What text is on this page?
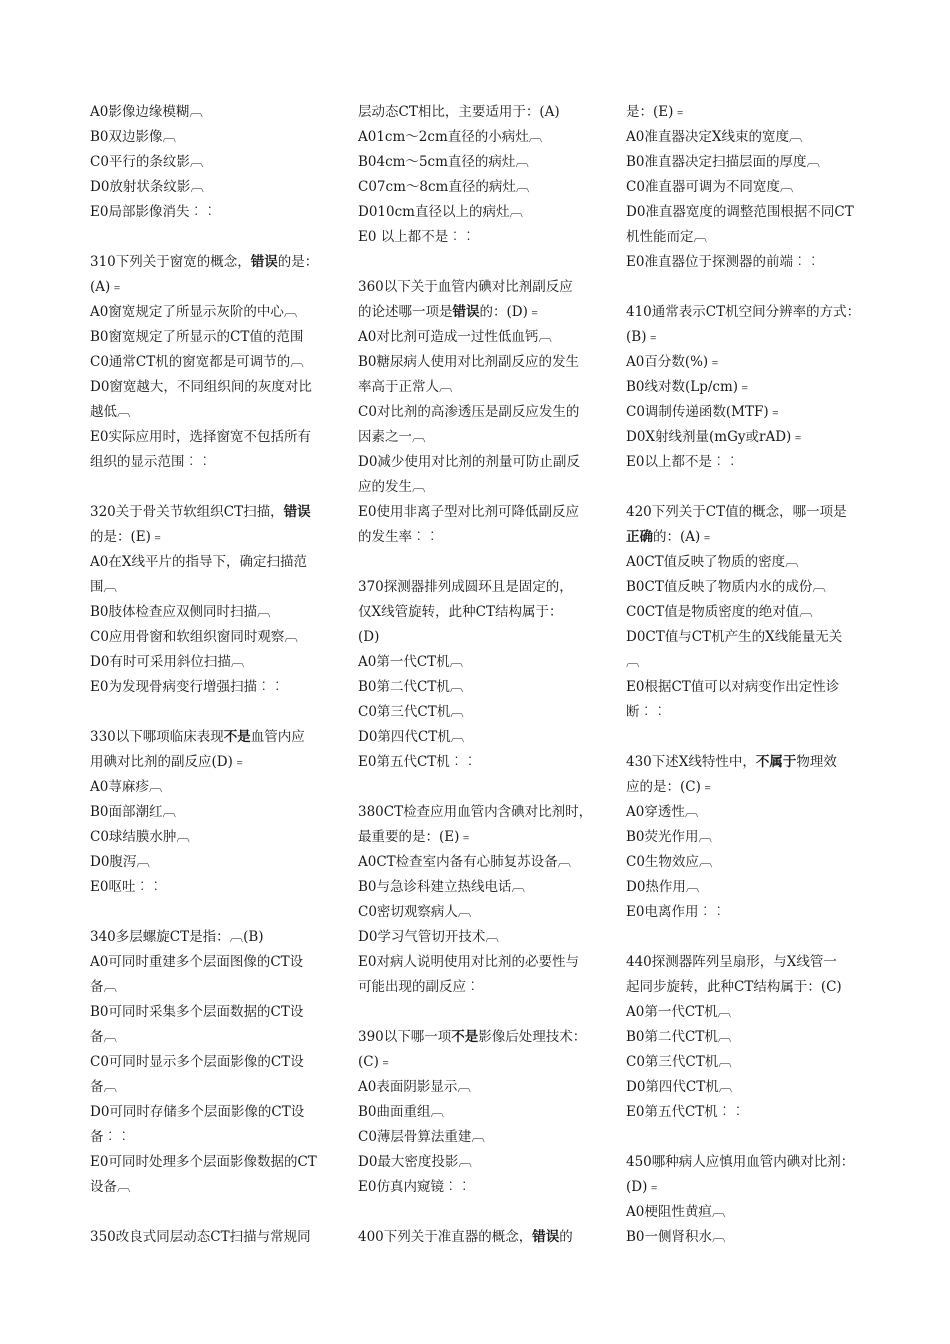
A0影像边缘模糊︹
B0双边影像︹
C0平行的条纹影︹
D0放射状条纹影︹
E0局部影像消失︰︰
310下列关于窗宽的概念，错误的是：
(A)﹦
A0窗宽规定了所显示灰阶的中心︹
B0窗宽规定了所显示的CT值的范围
C0通常CT机的窗宽都是可调节的︹
D0窗宽越大，不同组织间的灰度对比
越低︹
E0实际应用时，选择窗宽不包括所有
组织的显示范围︰︰
320关于骨关节软组织CT扫描，错误
的是：(E)﹦
A0在X线平片的指导下，确定扫描范
围︹
B0肢体检查应双侧同时扫描︹
C0应用骨窗和软组织窗同时观察︹
D0有时可采用斜位扫描︹
E0为发现骨病变行增强扫描︰︰
330以下哪项临床表现不是血管内应
用碘对比剂的副反应(D)﹦
A0荨麻疹︹
B0面部潮红︹
C0球结膜水肿︹
D0腹泻︹
E0呕吐︰︰
340多层螺旋CT是指：︹(B)
A0可同时重建多个层面图像的CT设
备︹
B0可同时采集多个层面数据的CT设
备︹
C0可同时显示多个层面影像的CT设
备︹
D0可同时存储多个层面影像的CT设
备︰︰
E0可同时处理多个层面影像数据的CT
设备︹
350改良式同层动态CT扫描与常规同
层动态CT相比，主要适用于：(A)
A01cm～2cm直径的小病灶︹
B04cm～5cm直径的病灶︹
C07cm～8cm直径的病灶︹
D010cm直径以上的病灶︹
E0 以上都不是︰︰
360以下关于血管内碘对比剂副反应
的论述哪一项是错误的：(D)﹦
A0对比剂可造成一过性低血钙︹
B0糖尿病人使用对比剂副反应的发生
率高于正常人︹
C0对比剂的高渗透压是副反应发生的
因素之一︹
D0减少使用对比剂的剂量可防止副反
应的发生︹
E0使用非离子型对比剂可降低副反应
的发生率︰︰
370探测器排列成圆环且是固定的，
仅X线管旋转，此种CT结构属于：
(D)
A0第一代CT机︹
B0第二代CT机︹
C0第三代CT机︹
D0第四代CT机︹
E0第五代CT机︰︰
380CT检查应用血管内含碘对比剂时，
最重要的是：(E)﹦
A0CT检查室内备有心肺复苏设备︹
B0与急诊科建立热线电话︹
C0密切观察病人︹
D0学习气管切开技术︹
E0对病人说明使用对比剂的必要性与
可能出现的副反应︰
390以下哪一项不是影像后处理技术：
(C)﹦
A0表面阴影显示︹
B0曲面重组︹
C0薄层骨算法重建︹
D0最大密度投影︹
E0仿真内窥镜︰︰
400下列关于准直器的概念，错误的
是：(E)﹦
A0准直器决定X线束的宽度︹
B0准直器决定扫描层面的厚度︹
C0准直器可调为不同宽度︹
D0准直器宽度的调整范围根据不同CT
机性能而定︹
E0准直器位于探测器的前端︰︰
410通常表示CT机空间分辨率的方式：
(B)﹦
A0百分数(%)﹦
B0线对数(Lp/cm)﹦
C0调制传递函数(MTF)﹦
D0X射线剂量(mGy或rAD)﹦
E0以上都不是︰︰
420下列关于CT值的概念，哪一项是
正确的：(A)﹦
A0CT值反映了物质的密度︹
B0CT值反映了物质内水的成份︹
C0CT值是物质密度的绝对值︹
D0CT值与CT机产生的X线能量无关
︹
E0根据CT值可以对病变作出定性诊
断︰︰
430下述X线特性中，不属于物理效
应的是：(C)﹦
A0穿透性︹
B0荧光作用︹
C0生物效应︹
D0热作用︹
E0电离作用︰︰
440探测器阵列呈扇形，与X线管一
起同步旋转，此种CT结构属于：(C)
A0第一代CT机︹
B0第二代CT机︹
C0第三代CT机︹
D0第四代CT机︹
E0第五代CT机︰︰
450哪种病人应慎用血管内碘对比剂：
(D)﹦
A0梗阻性黄疸︹
B0一侧肾积水︹
